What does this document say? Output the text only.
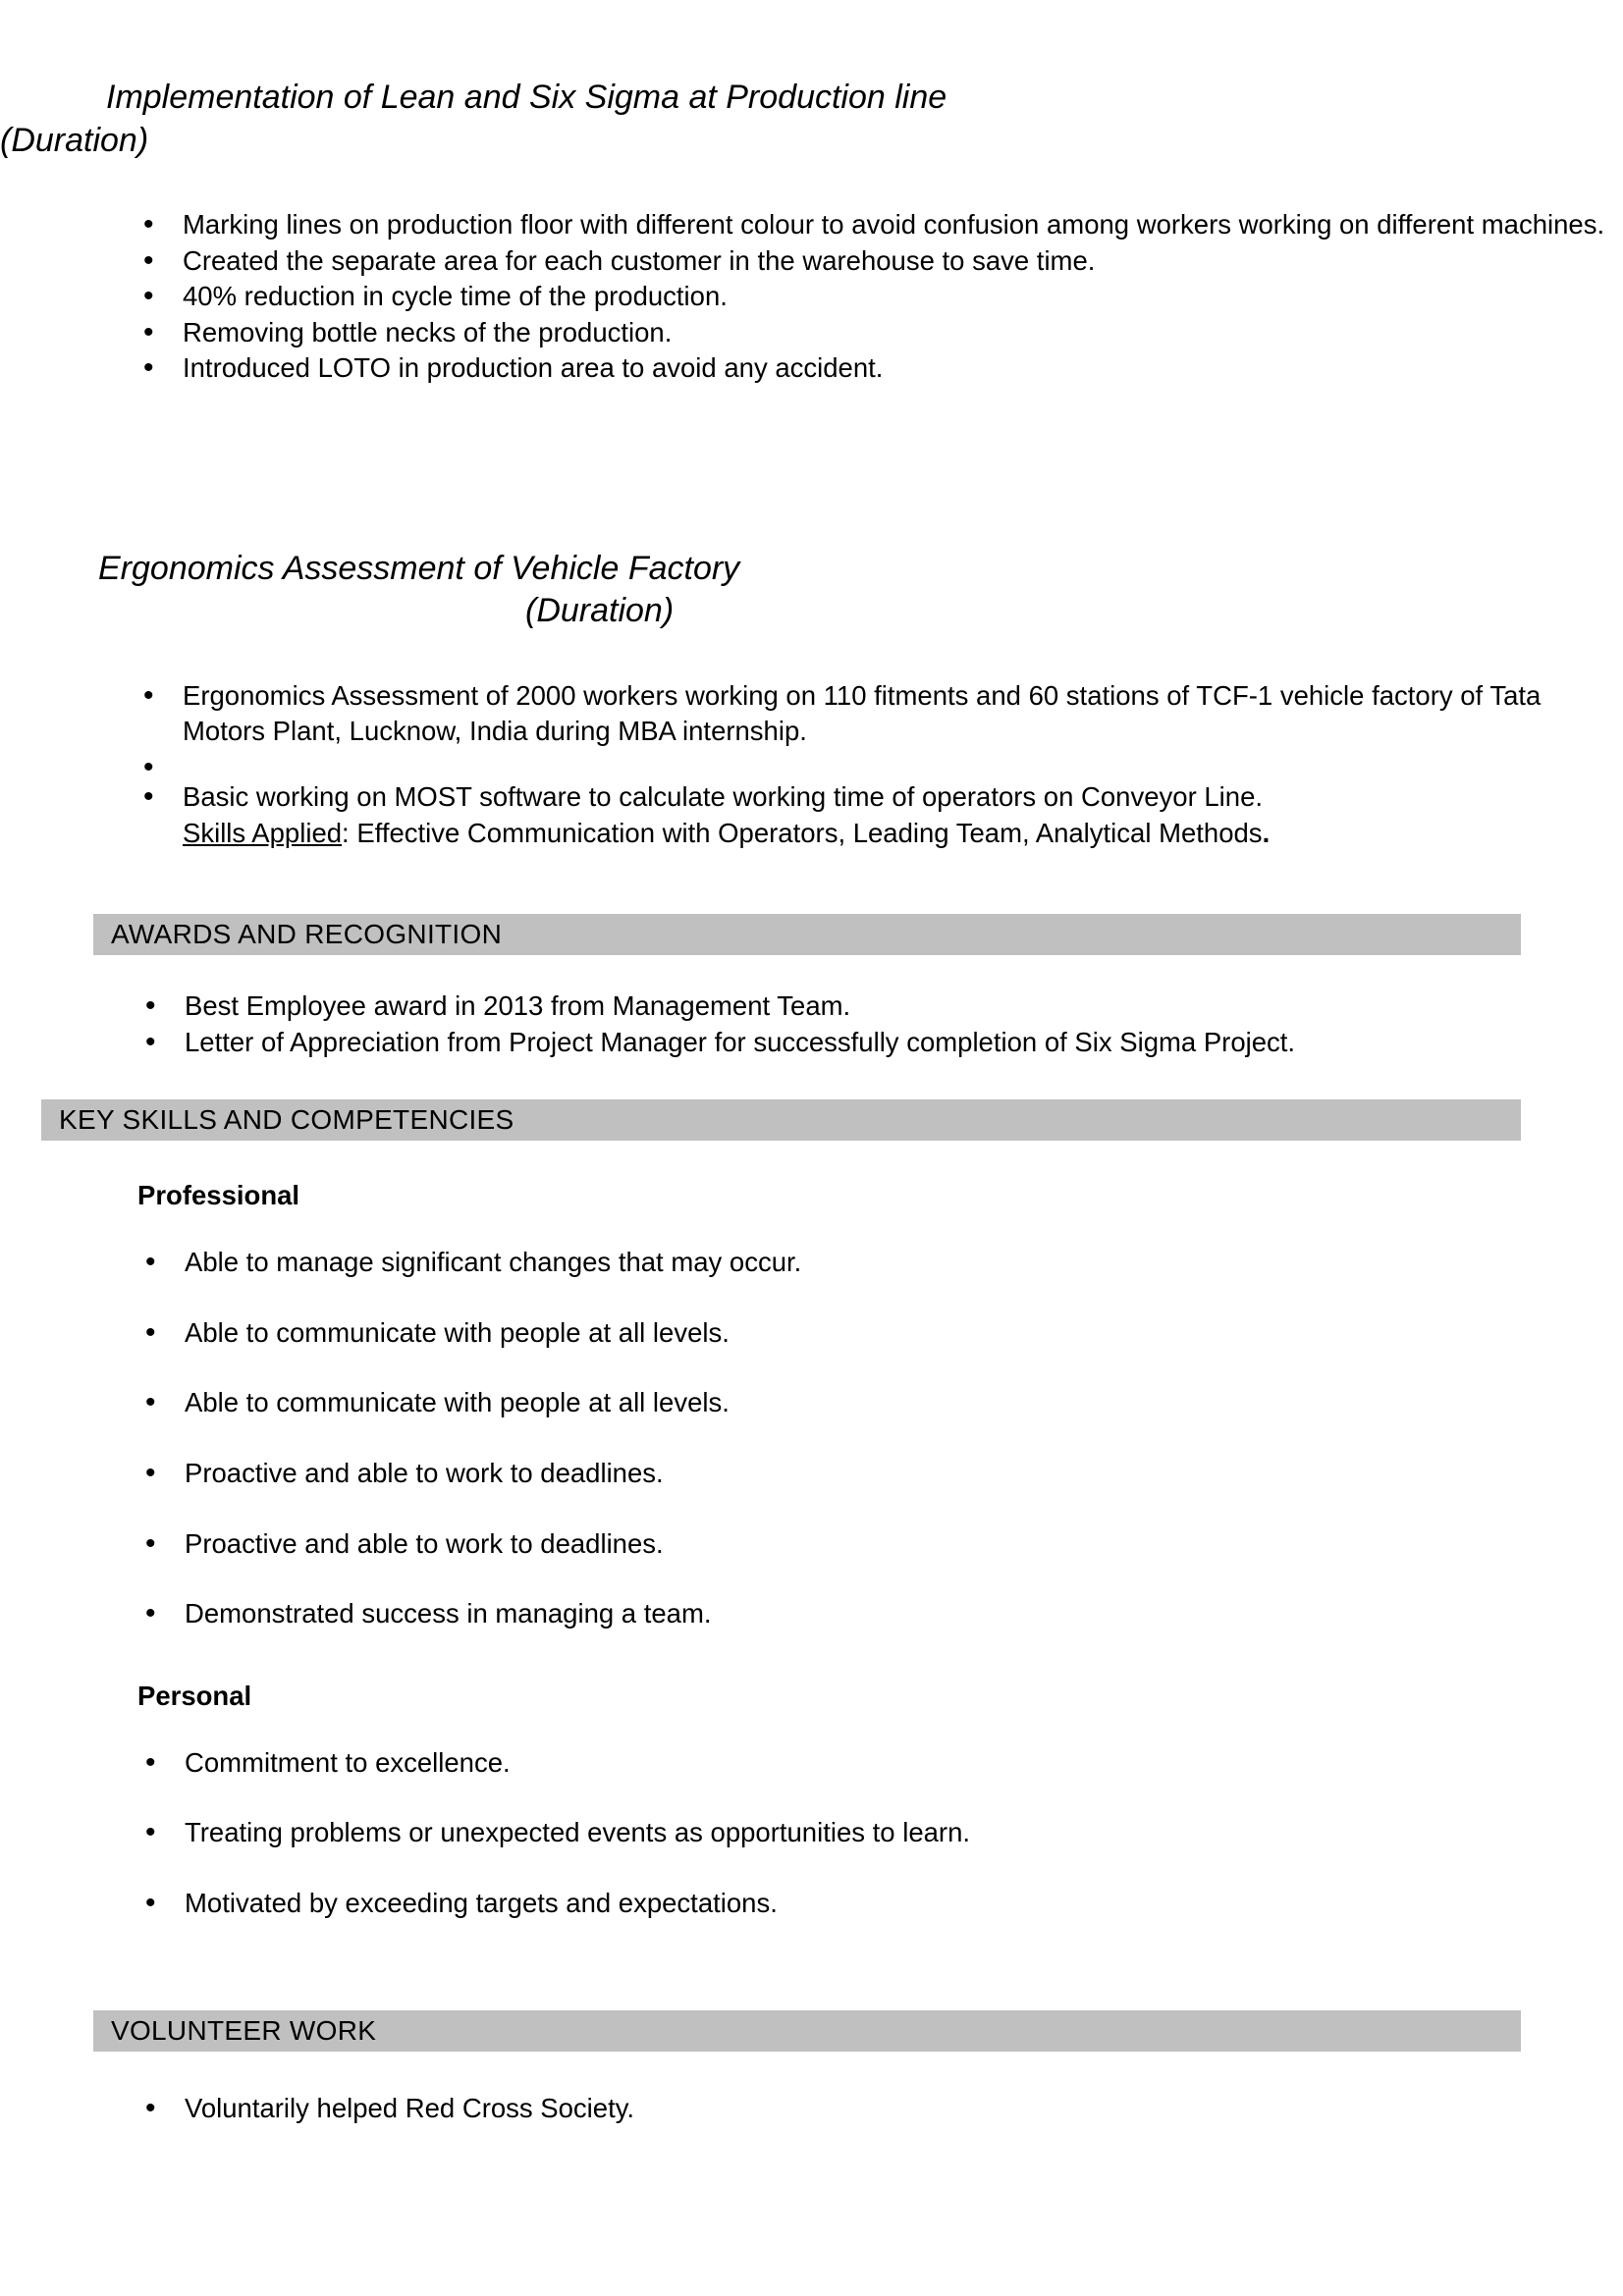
Implementation of Lean and Six Sigma at Production line
(Duration)
• Marking lines on production floor with different colour to avoid confusion among workers working on different machines.
• Created the separate area for each customer in the warehouse to save time.
• 40% reduction in cycle time of the production.
• Removing bottle necks of the production.
• Introduced LOTO in production area to avoid any accident.
Ergonomics Assessment of Vehicle Factory
(Duration)
• Ergonomics Assessment of 2000 workers working on 110 fitments and 60 stations of TCF-1 vehicle factory of Tata Motors Plant, Lucknow, India during MBA internship.
•
• Basic working on MOST software to calculate working time of operators on Conveyor Line.
Skills Applied: Effective Communication with Operators, Leading Team, Analytical Methods.
AWARDS AND RECOGNITION
• Best Employee award in 2013 from Management Team.
• Letter of Appreciation from Project Manager for successfully completion of Six Sigma Project.
KEY SKILLS AND COMPETENCIES
Professional
• Able to manage significant changes that may occur.
• Able to communicate with people at all levels.
• Able to communicate with people at all levels.
• Proactive and able to work to deadlines.
• Proactive and able to work to deadlines.
• Demonstrated success in managing a team.
Personal
• Commitment to excellence.
• Treating problems or unexpected events as opportunities to learn.
• Motivated by exceeding targets and expectations.
VOLUNTEER WORK
• Voluntarily helped Red Cross Society.
